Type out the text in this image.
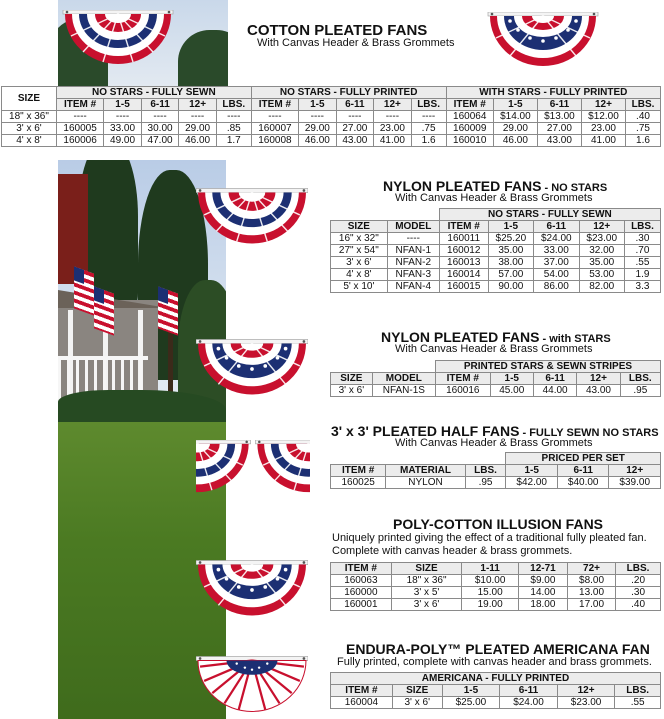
COTTON PLEATED FANS
With Canvas Header & Brass Grommets
SIZE	NO STARS - FULLY SEWN					NO STARS - FULLY PRINTED					WITH STARS - FULLY PRINTED				
	ITEM #	1-5	6-11	12+	LBS.	ITEM #	1-5	6-11	12+	LBS.	ITEM #	1-5	6-11	12+	LBS.
18" x 36"	----	----	----	----	----	----	----	----	----	----	160064	$14.00	$13.00	$12.00	.40
3' x 6'	160005	33.00	30.00	29.00	.85	160007	29.00	27.00	23.00	.75	160009	29.00	27.00	23.00	.75
4' x 8'	160006	49.00	47.00	46.00	1.7	160008	46.00	43.00	41.00	1.6	160010	46.00	43.00	41.00	1.6
NYLON PLEATED FANS - NO STARS
With Canvas Header & Brass Grommets
		NO STARS - FULLY SEWN				
SIZE	MODEL	ITEM #	1-5	6-11	12+	LBS.
16" x 32"	----	160011	$25.20	$24.00	$23.00	.30
27" x 54"	NFAN-1	160012	35.00	33.00	32.00	.70
3' x 6'	NFAN-2	160013	38.00	37.00	35.00	.55
4' x 8'	NFAN-3	160014	57.00	54.00	53.00	1.9
5' x 10'	NFAN-4	160015	90.00	86.00	82.00	3.3
NYLON PLEATED FANS - with STARS
With Canvas Header & Brass Grommets
		PRINTED STARS & SEWN STRIPES				
SIZE	MODEL	ITEM #	1-5	6-11	12+	LBS.
3' x 6'	NFAN-1S	160016	45.00	44.00	43.00	.95
3' x 3' PLEATED HALF FANS - FULLY SEWN NO STARS
With Canvas Header & Brass Grommets
			PRICED PER SET		
ITEM #	MATERIAL	LBS.	1-5	6-11	12+
160025	NYLON	.95	$42.00	$40.00	$39.00
POLY-COTTON ILLUSION FANS
Uniquely printed giving the effect of a traditional fully pleated fan.
Complete with canvas header & brass grommets.
ITEM #	SIZE	1-11	12-71	72+	LBS.
160063	18" x 36"	$10.00	$9.00	$8.00	.20
160000	3' x 5'	15.00	14.00	13.00	.30
160001	3' x 6'	19.00	18.00	17.00	.40
ENDURA-POLY™ PLEATED AMERICANA FAN
Fully printed, complete with canvas header and brass grommets.
AMERICANA - FULLY PRINTED					
ITEM #	SIZE	1-5	6-11	12+	LBS.
160004	3' x 6'	$25.00	$24.00	$23.00	.55
